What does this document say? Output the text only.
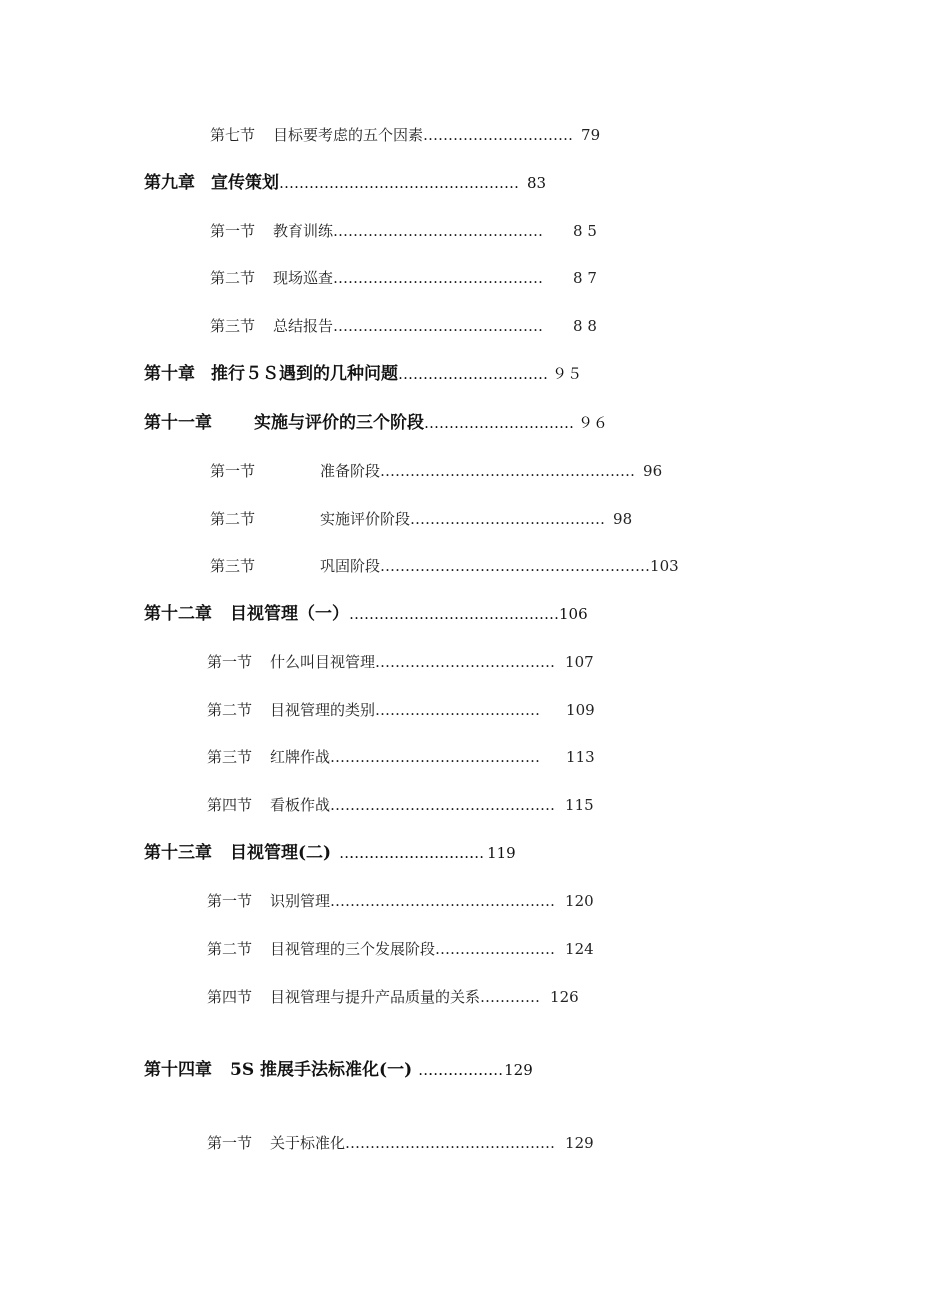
第七节 目标要考虑的五个因素………………………… 79
第九章 宣传策划………………………………………… 83
第一节 教育训练…………………………………… 8 5
第二节 现场巡查…………………………………… 8 7
第三节 总结报告…………………………………… 8 8
第十章 推行５Ｓ遇到的几种问题………………………… ９５
第十一章 实施与评价的三个阶段………………………… ９６
第一节	准备阶段…………………………………………… 96
第二节	实施评价阶段………………………………… 98
第三节	巩固阶段………………………………………………103
第十二章 目视管理（一）……………………………………106
第一节 什么叫目视管理……………………………… 107
第二节 目视管理的类别…………………………… 109
第三节 红牌作战…………………………………… 113
第四节 看板作战……………………………………… 115
第十三章 目视管理(二) …………………………………… 119
第一节 识别管理……………………………………… 120
第二节 目视管理的三个发展阶段…………………… 124
第四节 目视管理与提升产品质量的关系………… 126
第十四章 5S 推展手法标准化(一) …………………… 129
第一节 关于标准化…………………………………… 129
